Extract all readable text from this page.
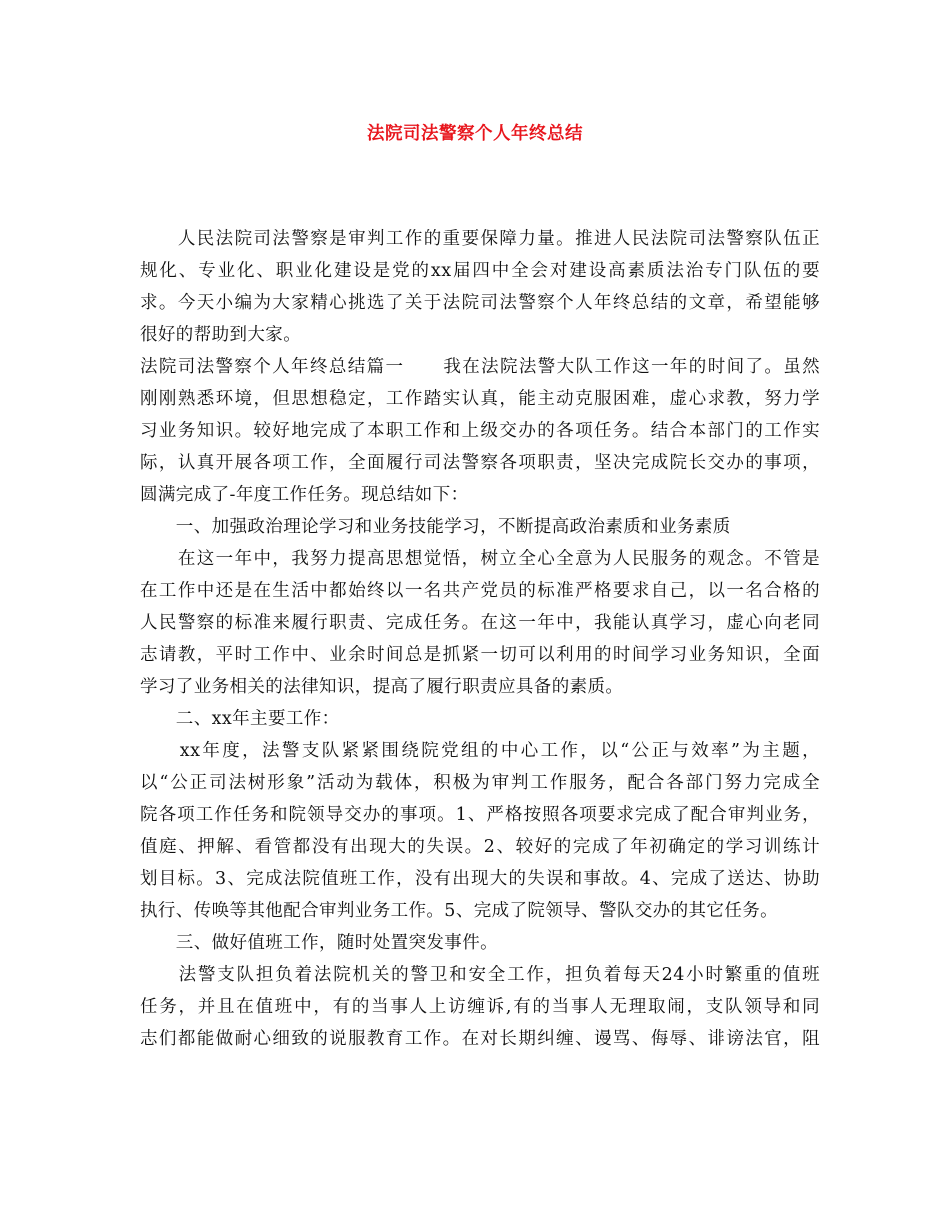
法院司法警察个人年终总结
　　人民法院司法警察是审判工作的重要保障力量。推进人民法院司法警察队伍正
规化、专业化、职业化建设是党的xx届四中全会对建设高素质法治专门队伍的要
求。今天小编为大家精心挑选了关于法院司法警察个人年终总结的文章，希望能够
很好的帮助到大家。
法院司法警察个人年终总结篇一 我在法院法警大队工作这一年的时间了。虽然
刚刚熟悉环境，但思想稳定，工作踏实认真，能主动克服困难，虚心求教，努力学
习业务知识。较好地完成了本职工作和上级交办的各项任务。结合本部门的工作实
际，认真开展各项工作，全面履行司法警察各项职责，坚决完成院长交办的事项，
圆满完成了-年度工作任务。现总结如下：
　　一、加强政治理论学习和业务技能学习，不断提高政治素质和业务素质
　　在这一年中，我努力提高思想觉悟，树立全心全意为人民服务的观念。不管是
在工作中还是在生活中都始终以一名共产党员的标准严格要求自己，以一名合格的
人民警察的标准来履行职责、完成任务。在这一年中，我能认真学习，虚心向老同
志请教，平时工作中、业余时间总是抓紧一切可以利用的时间学习业务知识，全面
学习了业务相关的法律知识，提高了履行职责应具备的素质。
　　二、xx年主要工作：
　　xx年度，法警支队紧紧围绕院党组的中心工作，以“公正与效率”为主题，
以“公正司法树形象”活动为载体，积极为审判工作服务，配合各部门努力完成全
院各项工作任务和院领导交办的事项。1、严格按照各项要求完成了配合审判业务，
值庭、押解、看管都没有出现大的失误。2、较好的完成了年初确定的学习训练计
划目标。3、完成法院值班工作，没有出现大的失误和事故。4、完成了送达、协助
执行、传唤等其他配合审判业务工作。5、完成了院领导、警队交办的其它任务。
　　三、做好值班工作，随时处置突发事件。
　　法警支队担负着法院机关的警卫和安全工作，担负着每天24小时繁重的值班
任务，并且在值班中，有的当事人上访缠诉,有的当事人无理取闹，支队领导和同
志们都能做耐心细致的说服教育工作。在对长期纠缠、谩骂、侮辱、诽谤法官，阻
